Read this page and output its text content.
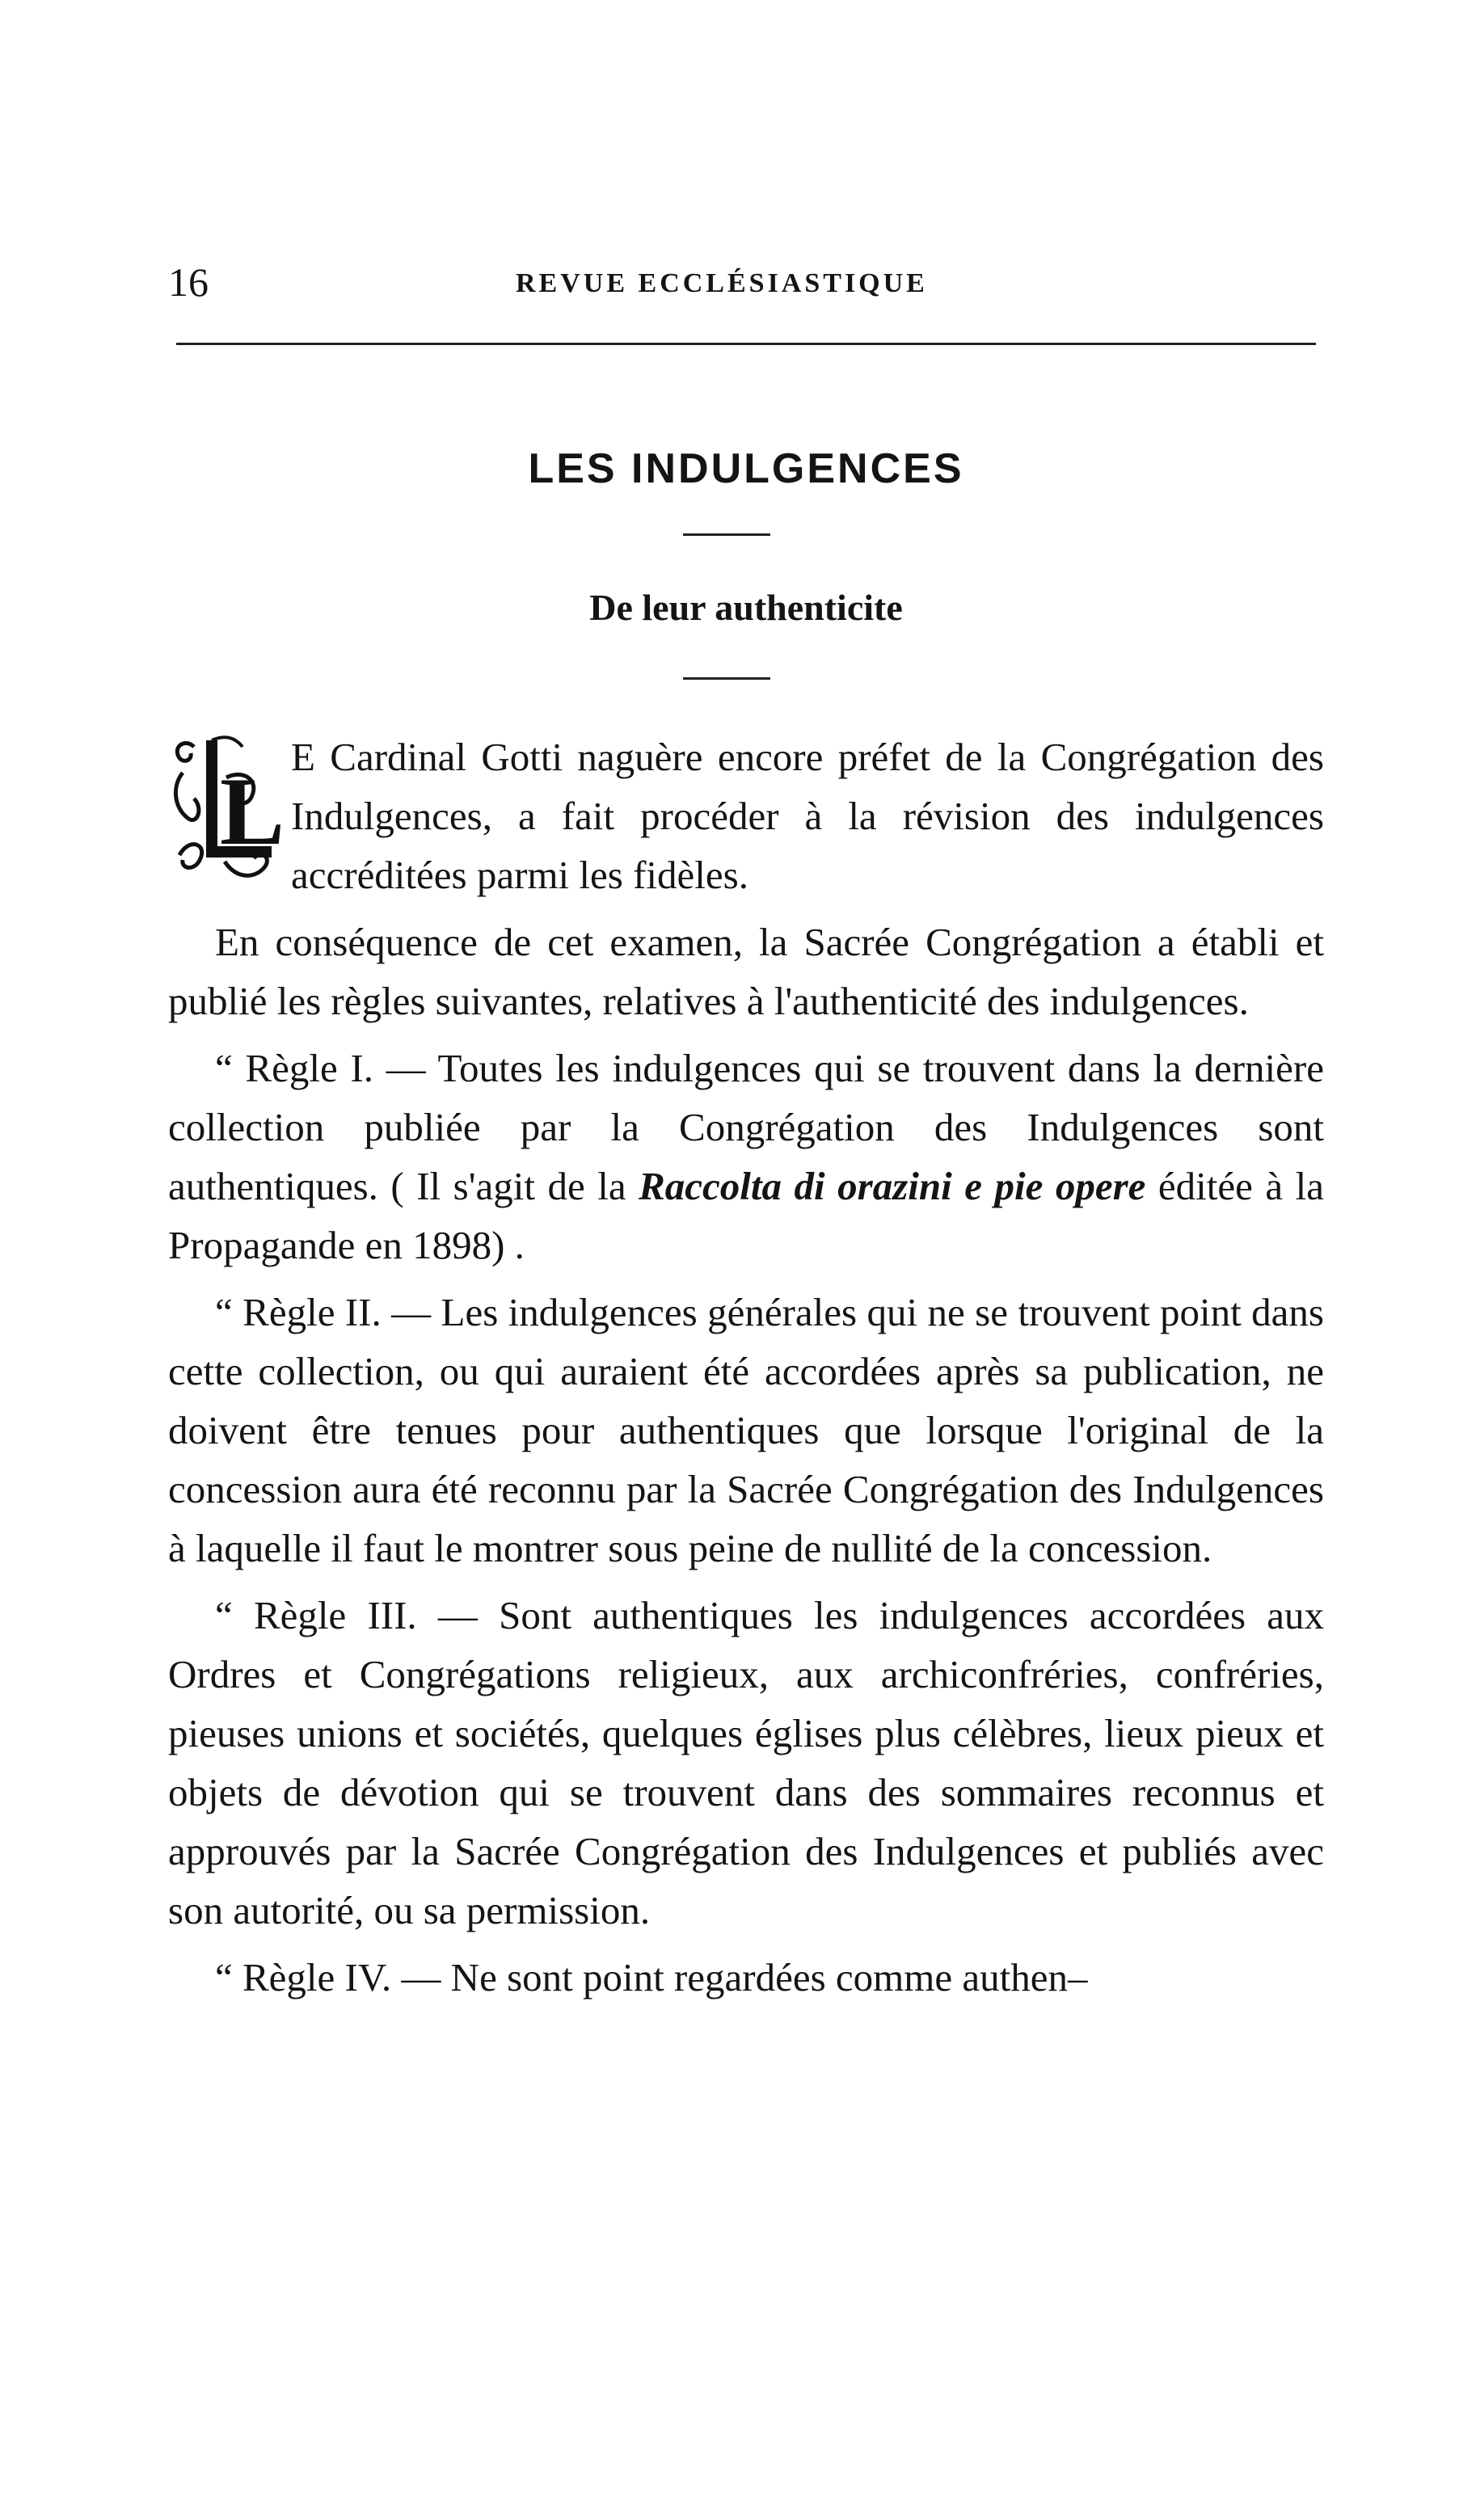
16	REVUE ECCLÉSIASTIQUE
LES INDULGENCES
De leur authenticite

L
E Cardinal Gotti naguère encore préfet de la Congrégation des Indulgences, a fait procéder à la révision des indulgences accréditées parmi les fidèles.

En conséquence de cet examen, la Sacrée Congrégation a établi et publié les règles suivantes, relatives à l'authenticité des indulgences.

“ Règle I. — Toutes les indulgences qui se trouvent dans la dernière collection publiée par la Congrégation des Indulgences sont authentiques. ( Il s'agit de la Raccolta di orazini e pie opere éditée à la Propagande en 1898) .

“ Règle II. — Les indulgences générales qui ne se trouvent point dans cette collection, ou qui auraient été accordées après sa publication, ne doivent être tenues pour authentiques que lorsque l'original de la concession aura été reconnu par la Sacrée Congrégation des Indulgences à laquelle il faut le montrer sous peine de nullité de la concession.

“ Règle III. — Sont authentiques les indulgences accordées aux Ordres et Congrégations religieux, aux archiconfréries, confréries, pieuses unions et sociétés, quelques églises plus célèbres, lieux pieux et objets de dévotion qui se trouvent dans des sommaires reconnus et approuvés par la Sacrée Congrégation des Indulgences et publiés avec son autorité, ou sa permission.

“ Règle IV. — Ne sont point regardées comme authen–
